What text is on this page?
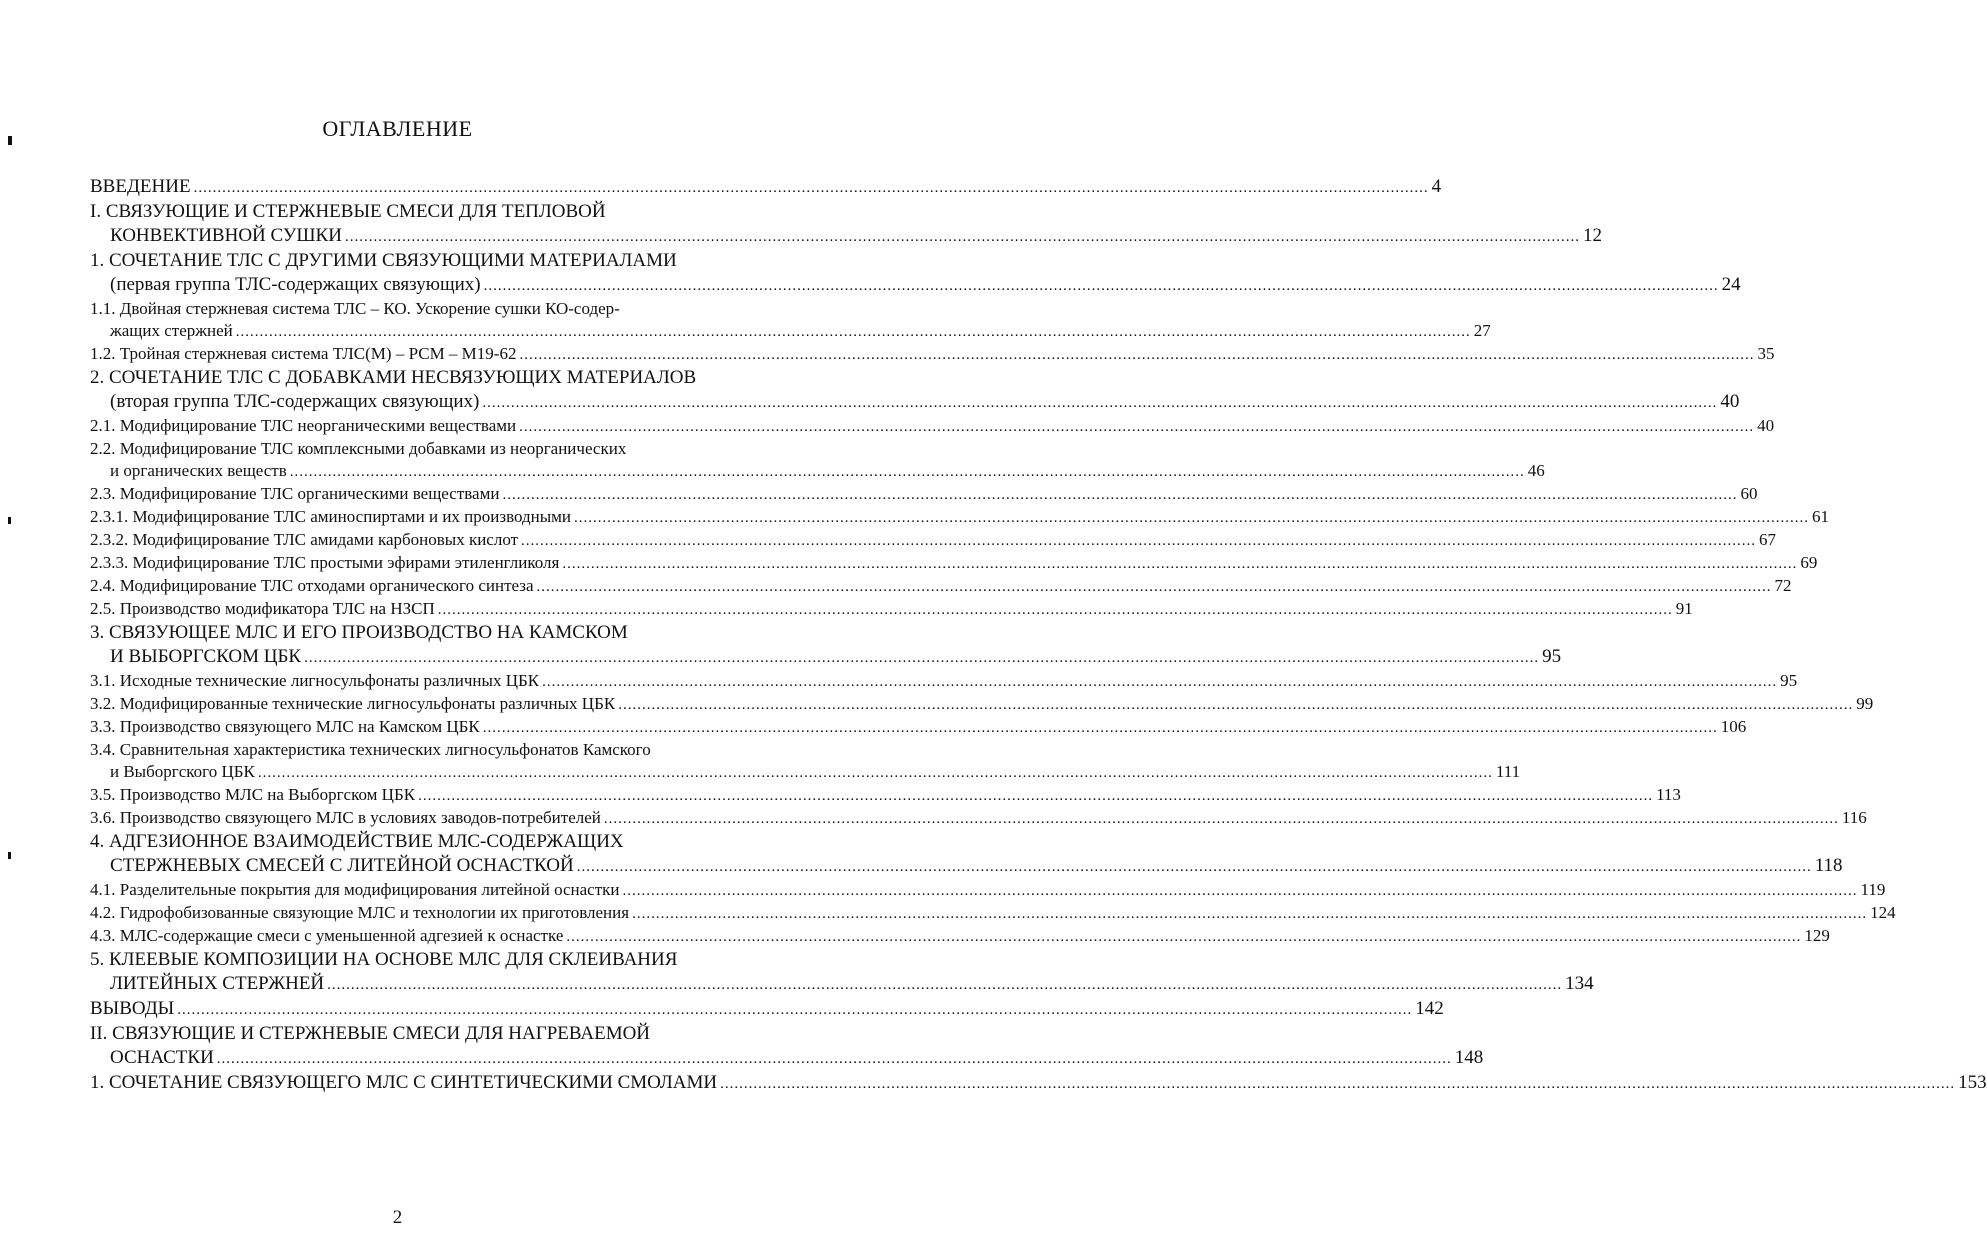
ОГЛАВЛЕНИЕ
ВВЕДЕНИЕ .................................................................................................................................................................................................................................................................... 4
I. СВЯЗУЮЩИЕ И СТЕРЖНЕВЫЕ СМЕСИ ДЛЯ ТЕПЛОВОЙ
КОНВЕКТИВНОЙ СУШКИ .................................................................................................................................................................................................................................................................... 12
1. СОЧЕТАНИЕ ТЛС С ДРУГИМИ СВЯЗУЮЩИМИ МАТЕРИАЛАМИ
(первая группа ТЛС-содержащих связующих) .................................................................................................................................................................................................................................................................... 24
1.1. Двойная стержневая система ТЛС – КО. Ускорение сушки КО-содер-
жащих стержней .................................................................................................................................................................................................................................................................... 27
1.2. Тройная стержневая система ТЛС(М) – РСМ – М19-62 .................................................................................................................................................................................................................................................................... 35
2. СОЧЕТАНИЕ ТЛС С ДОБАВКАМИ НЕСВЯЗУЮЩИХ МАТЕРИАЛОВ
(вторая группа ТЛС-содержащих связующих) .................................................................................................................................................................................................................................................................... 40
2.1. Модифицирование ТЛС неорганическими веществами .................................................................................................................................................................................................................................................................... 40
2.2. Модифицирование ТЛС комплексными добавками из неорганических
и органических веществ .................................................................................................................................................................................................................................................................... 46
2.3. Модифицирование ТЛС органическими веществами .................................................................................................................................................................................................................................................................... 60
2.3.1. Модифицирование ТЛС аминоспиртами и их производными .................................................................................................................................................................................................................................................................... 61
2.3.2. Модифицирование ТЛС амидами карбоновых кислот .................................................................................................................................................................................................................................................................... 67
2.3.3. Модифицирование ТЛС простыми эфирами этиленгликоля .................................................................................................................................................................................................................................................................... 69
2.4. Модифицирование ТЛС отходами органического синтеза .................................................................................................................................................................................................................................................................... 72
2.5. Производство модификатора ТЛС на НЗСП .................................................................................................................................................................................................................................................................... 91
3. СВЯЗУЮЩЕЕ МЛС И ЕГО ПРОИЗВОДСТВО НА КАМСКОМ
И ВЫБОРГСКОМ ЦБК .................................................................................................................................................................................................................................................................... 95
3.1. Исходные технические лигносульфонаты различных ЦБК .................................................................................................................................................................................................................................................................... 95
3.2. Модифицированные технические лигносульфонаты различных ЦБК .................................................................................................................................................................................................................................................................... 99
3.3. Производство связующего МЛС на Камском ЦБК .................................................................................................................................................................................................................................................................... 106
3.4. Сравнительная характеристика технических лигносульфонатов Камского
и Выборгского ЦБК .................................................................................................................................................................................................................................................................... 111
3.5. Производство МЛС на Выборгском ЦБК .................................................................................................................................................................................................................................................................... 113
3.6. Производство связующего МЛС в условиях заводов-потребителей .................................................................................................................................................................................................................................................................... 116
4. АДГЕЗИОННОЕ ВЗАИМОДЕЙСТВИЕ МЛС-СОДЕРЖАЩИХ
СТЕРЖНЕВЫХ СМЕСЕЙ С ЛИТЕЙНОЙ ОСНАСТКОЙ .................................................................................................................................................................................................................................................................... 118
4.1. Разделительные покрытия для модифицирования литейной оснастки .................................................................................................................................................................................................................................................................... 119
4.2. Гидрофобизованные связующие МЛС и технологии их приготовления .................................................................................................................................................................................................................................................................... 124
4.3. МЛС-содержащие смеси с уменьшенной адгезией к оснастке .................................................................................................................................................................................................................................................................... 129
5. КЛЕЕВЫЕ КОМПОЗИЦИИ НА ОСНОВЕ МЛС ДЛЯ СКЛЕИВАНИЯ
ЛИТЕЙНЫХ СТЕРЖНЕЙ .................................................................................................................................................................................................................................................................... 134
ВЫВОДЫ .................................................................................................................................................................................................................................................................... 142
II. СВЯЗУЮЩИЕ И СТЕРЖНЕВЫЕ СМЕСИ ДЛЯ НАГРЕВАЕМОЙ
ОСНАСТКИ .................................................................................................................................................................................................................................................................... 148
1. СОЧЕТАНИЕ СВЯЗУЮЩЕГО МЛС С СИНТЕТИЧЕСКИМИ СМОЛАМИ .................................................................................................................................................................................................................................................................... 153
2
